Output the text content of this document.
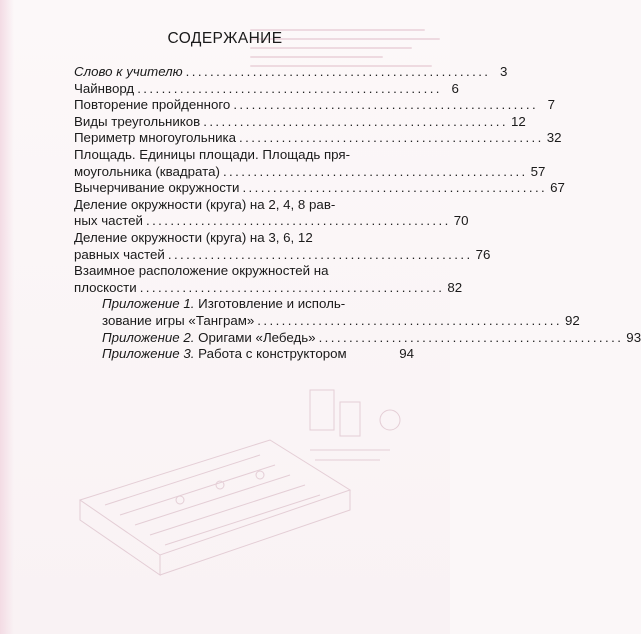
СОДЕРЖАНИЕ
Слово к учителю .................................................. 3
Чайнворд .................................................. 6
Повторение пройденного .................................................. 7
Виды треугольников .................................................. 12
Периметр многоугольника .................................................. 32
Площадь. Единицы площади. Площадь пря-
моугольника (квадрата) .................................................. 57
Вычерчивание окружности .................................................. 67
Деление окружности (круга) на 2, 4, 8 рав-
ных частей .................................................. 70
Деление окружности (круга) на 3, 6, 12
равных частей .................................................. 76
Взаимное расположение окружностей на
плоскости .................................................. 82
Приложение 1. Изготовление и исполь-
зование игры «Танграм» .................................................. 92
Приложение 2. Оригами «Лебедь» .................................................. 93
Приложение 3. Работа с конструктором	94
